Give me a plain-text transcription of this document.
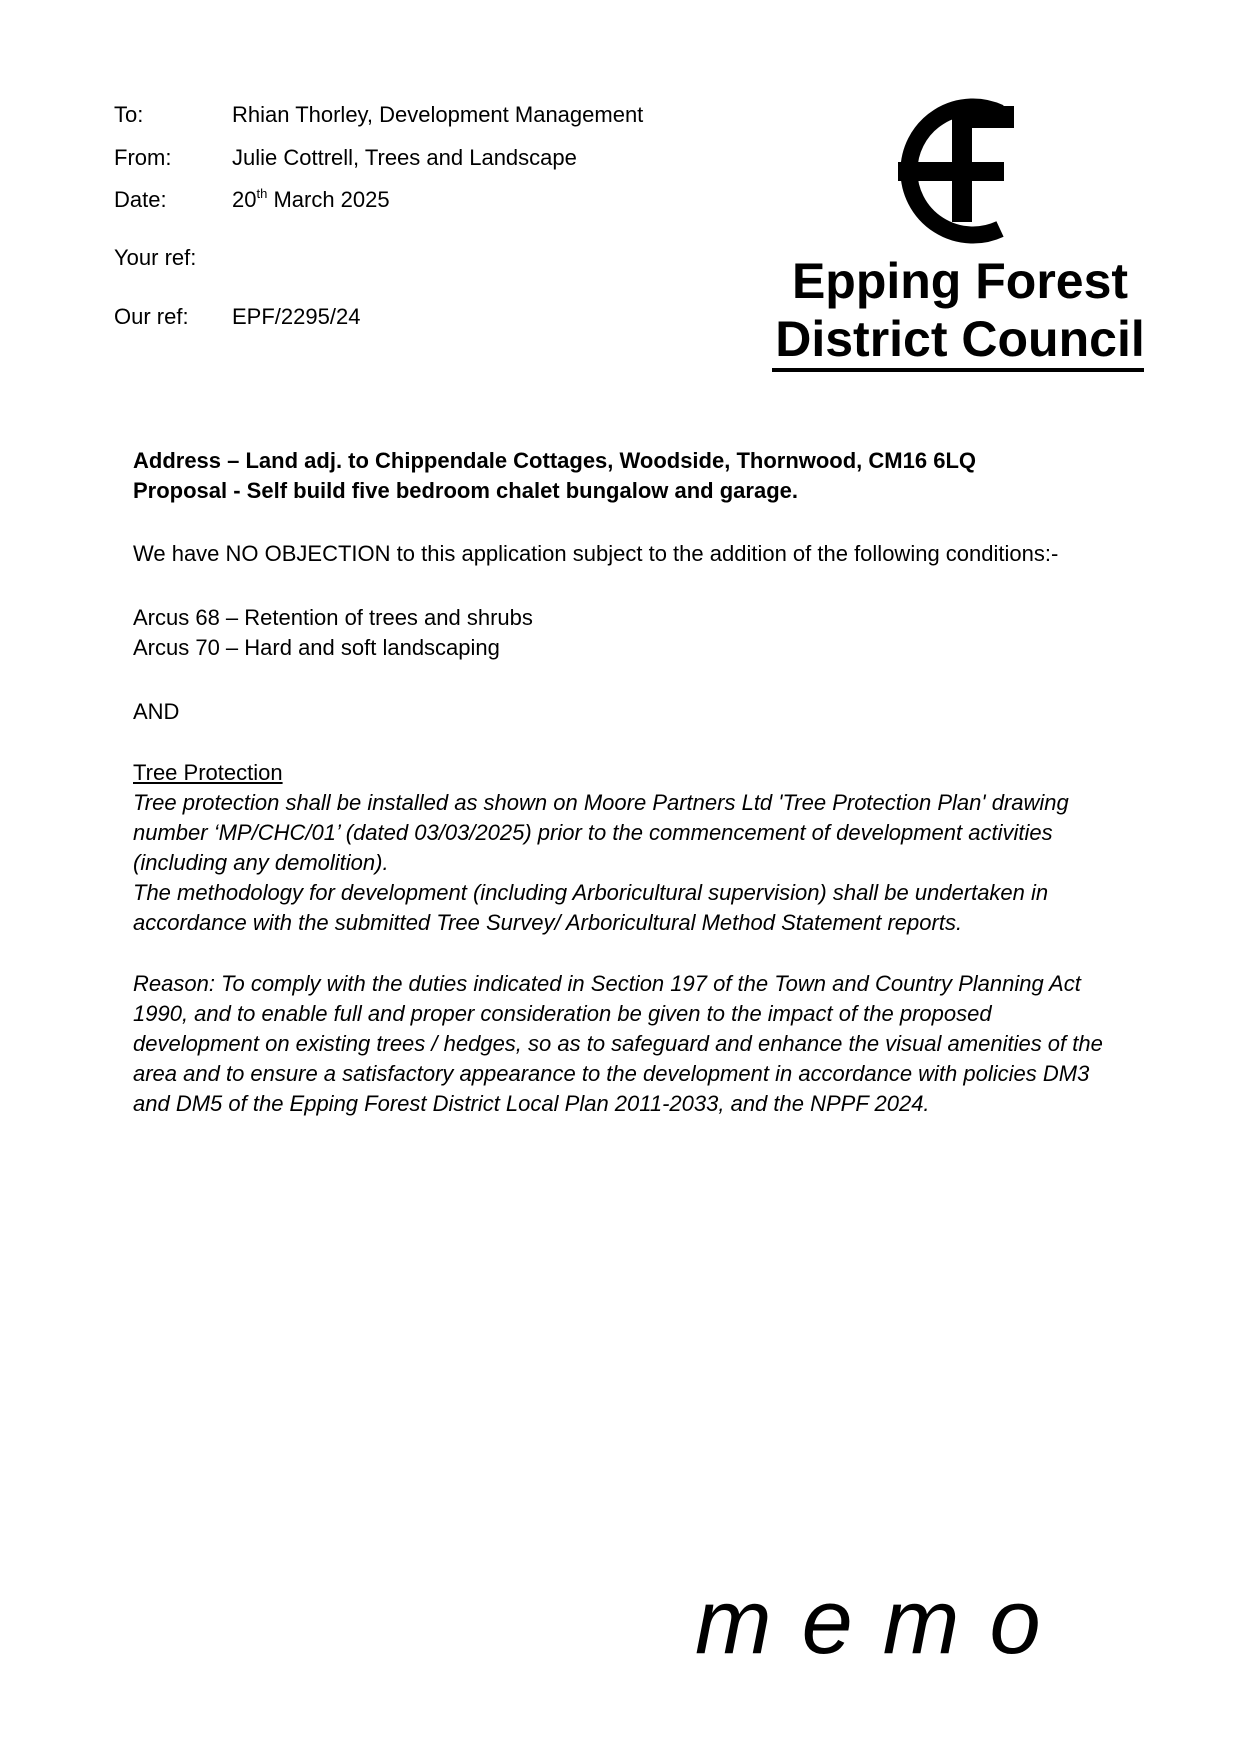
To:	Rhian Thorley, Development Management
From:	Julie Cottrell, Trees and Landscape
Date:	20th March 2025
Your ref:
Our ref: EPF/2295/24
Epping Forest
District Council
Address – Land adj. to Chippendale Cottages, Woodside, Thornwood, CM16 6LQ
Proposal - Self build five bedroom chalet bungalow and garage.
We have NO OBJECTION to this application subject to the addition of the following conditions:-
Arcus 68 – Retention of trees and shrubs
Arcus 70 – Hard and soft landscaping
AND
Tree Protection
Tree protection shall be installed as shown on Moore Partners Ltd 'Tree Protection Plan' drawing number ‘MP/CHC/01’ (dated 03/03/2025) prior to the commencement of development activities (including any demolition).
The methodology for development (including Arboricultural supervision) shall be undertaken in accordance with the submitted Tree Survey/ Arboricultural Method Statement reports.
Reason: To comply with the duties indicated in Section 197 of the Town and Country Planning Act 1990, and to enable full and proper consideration be given to the impact of the proposed development on existing trees / hedges, so as to safeguard and enhance the visual amenities of the area and to ensure a satisfactory appearance to the development in accordance with policies DM3 and DM5 of the Epping Forest District Local Plan 2011-2033, and the NPPF 2024.
memo
